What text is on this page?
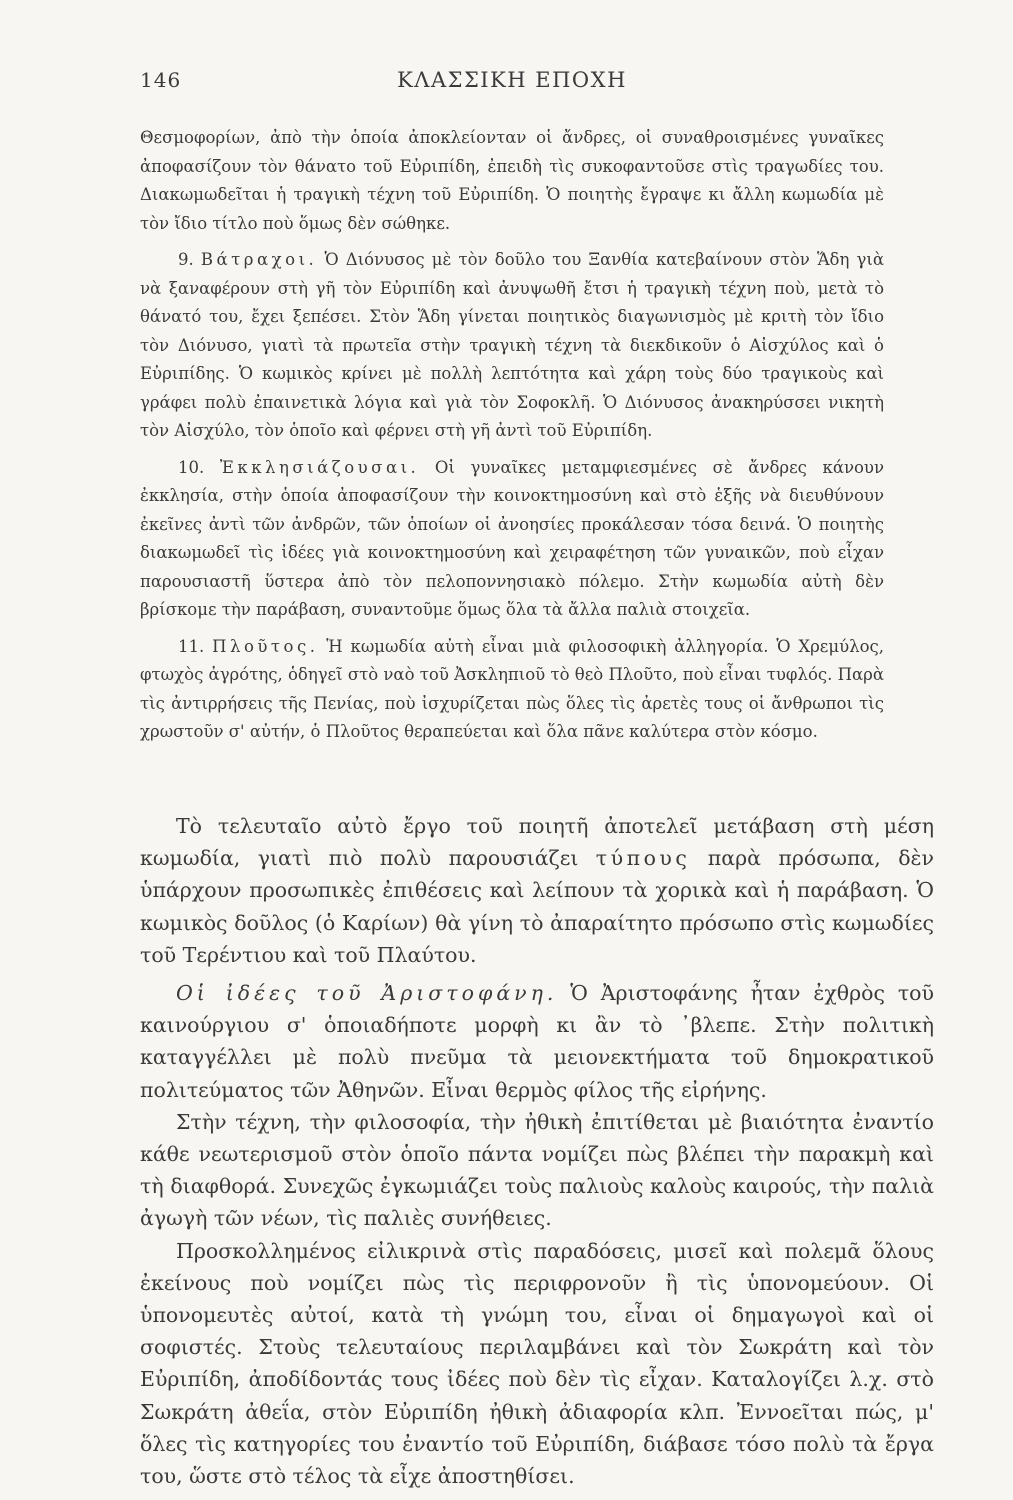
146	ΚΛΑΣΣΙΚΗ ΕΠΟΧΗ

Θεσμοφορίων, ἀπὸ τὴν ὁποία ἀποκλείονταν οἱ ἄνδρες, οἱ συναθροισμένες γυναῖκες ἀποφασίζουν τὸν θάνατο τοῦ Εὐριπίδη, ἐπειδὴ τὶς συκοφαντοῦσε στὶς τραγωδίες του. Διακωμωδεῖται ἡ τραγικὴ τέχνη τοῦ Εὐριπίδη. Ὁ ποιητὴς ἔγραψε κι ἄλλη κωμωδία μὲ τὸν ἴδιο τίτλο ποὺ ὅμως δὲν σώθηκε.

9. Βάτραχοι. Ὁ Διόνυσος μὲ τὸν δοῦλο του Ξανθία κατεβαίνουν στὸν Ἅδη γιὰ νὰ ξαναφέρουν στὴ γῆ τὸν Εὐριπίδη καὶ ἀνυψωθῆ ἔτσι ἡ τραγικὴ τέχνη ποὺ, μετὰ τὸ θάνατό του, ἔχει ξεπέσει. Στὸν Ἅδη γίνεται ποιητικὸς διαγωνισμὸς μὲ κριτὴ τὸν ἴδιο τὸν Διόνυσο, γιατὶ τὰ πρωτεῖα στὴν τραγικὴ τέχνη τὰ διεκδικοῦν ὁ Αἰσχύλος καὶ ὁ Εὐριπίδης. Ὁ κωμικὸς κρίνει μὲ πολλὴ λεπτότητα καὶ χάρη τοὺς δύο τραγικοὺς καὶ γράφει πολὺ ἐπαινετικὰ λόγια καὶ γιὰ τὸν Σοφοκλῆ. Ὁ Διόνυσος ἀνακηρύσσει νικητὴ τὸν Αἰσχύλο, τὸν ὁποῖο καὶ φέρνει στὴ γῆ ἀντὶ τοῦ Εὐριπίδη.

10. Ἐκκλησιάζουσαι. Οἱ γυναῖκες μεταμφιεσμένες σὲ ἄνδρες κάνουν ἐκκλησία, στὴν ὁποία ἀποφασίζουν τὴν κοινοκτημοσύνη καὶ στὸ ἑξῆς νὰ διευθύνουν ἐκεῖνες ἀντὶ τῶν ἀνδρῶν, τῶν ὁποίων οἱ ἀνοησίες προκάλεσαν τόσα δεινά. Ὁ ποιητὴς διακωμωδεῖ τὶς ἰδέες γιὰ κοινοκτημοσύνη καὶ χειραφέτηση τῶν γυναικῶν, ποὺ εἶχαν παρουσιαστῆ ὕστερα ἀπὸ τὸν πελοποννησιακὸ πόλεμο. Στὴν κωμωδία αὐτὴ δὲν βρίσκομε τὴν παράβαση, συναντοῦμε ὅμως ὅλα τὰ ἄλλα παλιὰ στοιχεῖα.

11. Πλοῦτος. Ἡ κωμωδία αὐτὴ εἶναι μιὰ φιλοσοφικὴ ἀλληγορία. Ὁ Χρεμύλος, φτωχὸς ἀγρότης, ὁδηγεῖ στὸ ναὸ τοῦ Ἀσκληπιοῦ τὸ θεὸ Πλοῦτο, ποὺ εἶναι τυφλός. Παρὰ τὶς ἀντιρρήσεις τῆς Πενίας, ποὺ ἰσχυρίζεται πὼς ὅλες τὶς ἀρετὲς τους οἱ ἄνθρωποι τὶς χρωστοῦν σ' αὐτήν, ὁ Πλοῦτος θεραπεύεται καὶ ὅλα πᾶνε καλύτερα στὸν κόσμο.

Τὸ τελευταῖο αὐτὸ ἔργο τοῦ ποιητῆ ἀποτελεῖ μετάβαση στὴ μέση κωμωδία, γιατὶ πιὸ πολὺ παρουσιάζει τύπους παρὰ πρόσωπα, δὲν ὑπάρχουν προσωπικὲς ἐπιθέσεις καὶ λείπουν τὰ χορικὰ καὶ ἡ παράβαση. Ὁ κωμικὸς δοῦλος (ὁ Καρίων) θὰ γίνη τὸ ἀπαραίτητο πρόσωπο στὶς κωμωδίες τοῦ Τερέντιου καὶ τοῦ Πλαύτου.

Οἱ ἰδέες τοῦ Ἀριστοφάνη. Ὁ Ἀριστοφάνης ἦταν ἐχθρὸς τοῦ καινούργιου σ' ὁποιαδήποτε μορφὴ κι ἂν τὸ ᾽βλεπε. Στὴν πολιτικὴ καταγγέλλει μὲ πολὺ πνεῦμα τὰ μειονεκτήματα τοῦ δημοκρατικοῦ πολιτεύματος τῶν Ἀθηνῶν. Εἶναι θερμὸς φίλος τῆς εἰρήνης.

Στὴν τέχνη, τὴν φιλοσοφία, τὴν ἠθικὴ ἐπιτίθεται μὲ βιαιότητα ἐναντίο κάθε νεωτερισμοῦ στὸν ὁποῖο πάντα νομίζει πὼς βλέπει τὴν παρακμὴ καὶ τὴ διαφθορά. Συνεχῶς ἐγκωμιάζει τοὺς παλιοὺς καλοὺς καιρούς, τὴν παλιὰ ἀγωγὴ τῶν νέων, τὶς παλιὲς συνήθειες.

Προσκολλημένος εἰλικρινὰ στὶς παραδόσεις, μισεῖ καὶ πολεμᾶ ὅλους ἐκείνους ποὺ νομίζει πὼς τὶς περιφρονοῦν ἢ τὶς ὑπονομεύουν. Οἱ ὑπονομευτὲς αὐτοί, κατὰ τὴ γνώμη του, εἶναι οἱ δημαγωγοὶ καὶ οἱ σοφιστές. Στοὺς τελευταίους περιλαμβάνει καὶ τὸν Σωκράτη καὶ τὸν Εὐριπίδη, ἀποδίδοντάς τους ἰδέες ποὺ δὲν τὶς εἶχαν. Καταλογίζει λ.χ. στὸ Σωκράτη ἀθεΐα, στὸν Εὐριπίδη ἠθικὴ ἀδιαφορία κλπ. Ἐννοεῖται πώς, μ' ὅλες τὶς κατηγορίες του ἐναντίο τοῦ Εὐριπίδη, διάβασε τόσο πολὺ τὰ ἔργα του, ὥστε στὸ τέλος τὰ εἶχε ἀποστηθίσει.
